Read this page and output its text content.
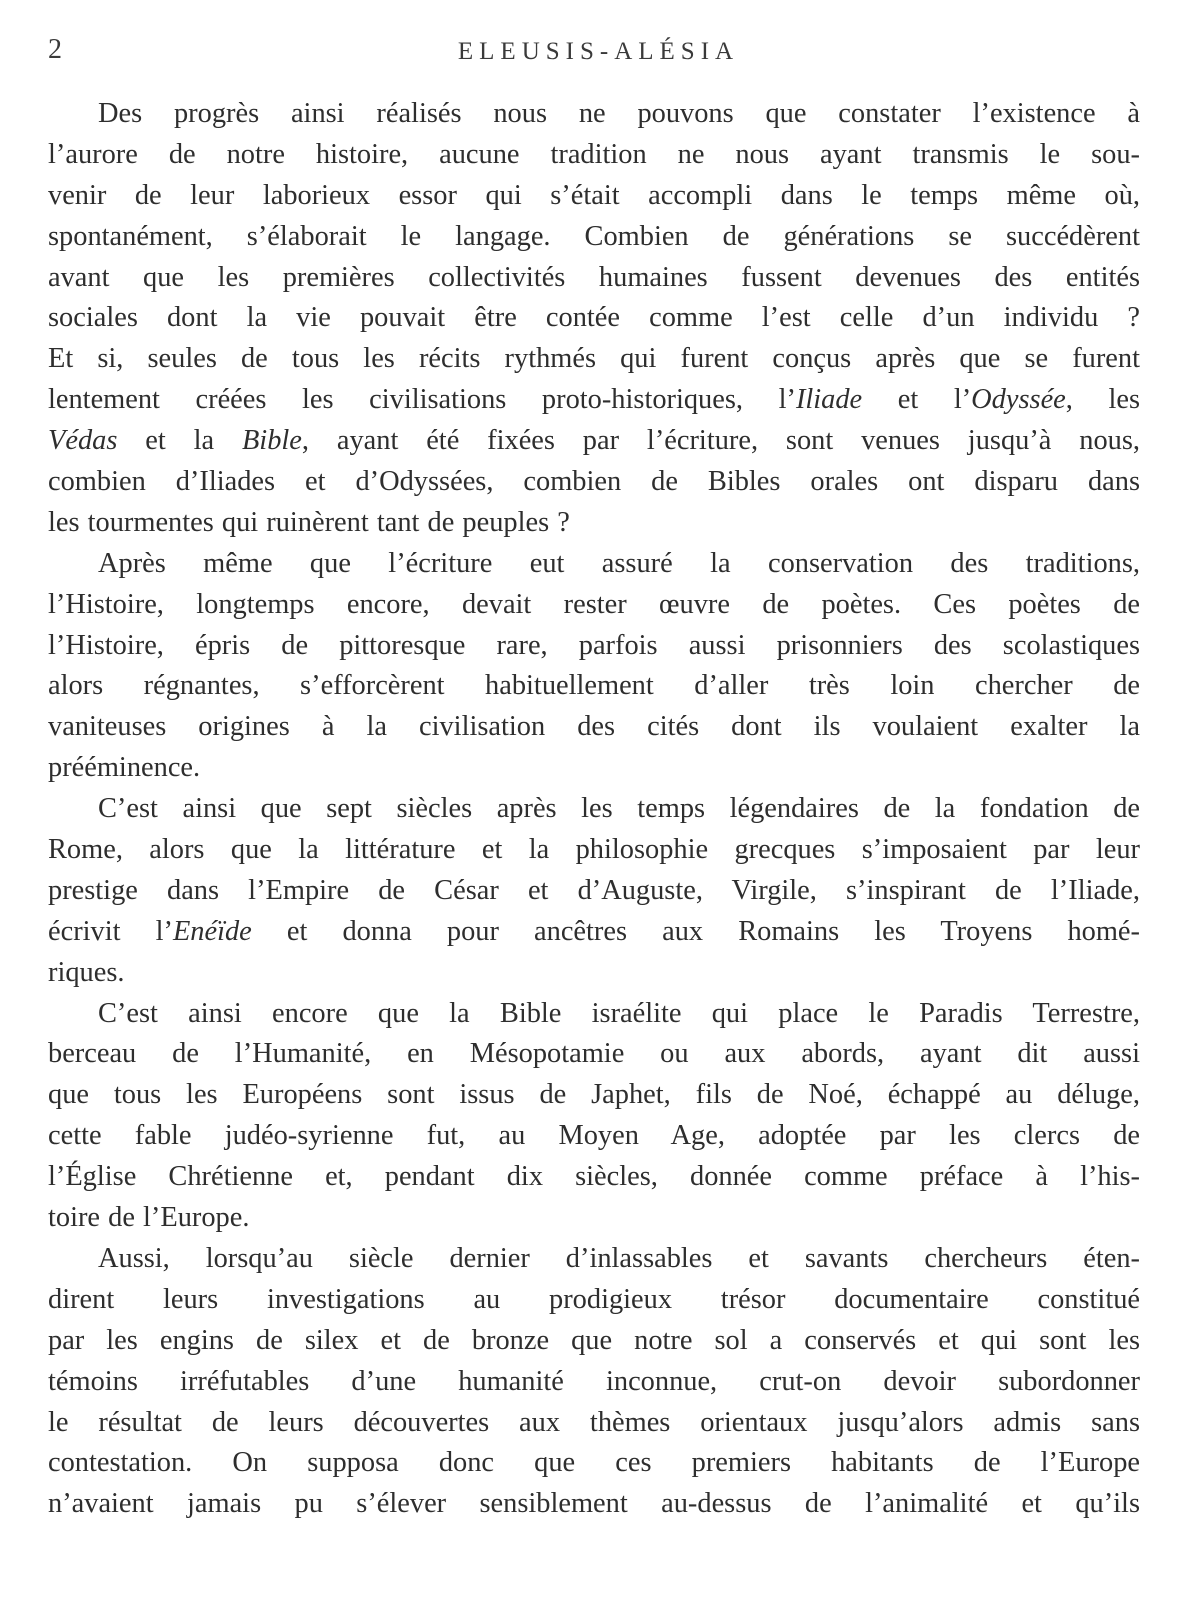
2	ELEUSIS-ALÉSIA
Des progrès ainsi réalisés nous ne pouvons que constater l’existence à
l’aurore de notre histoire, aucune tradition ne nous ayant transmis le sou-
venir de leur laborieux essor qui s’était accompli dans le temps même où,
spontanément, s’élaborait le langage. Combien de générations se succédèrent
avant que les premières collectivités humaines fussent devenues des entités
sociales dont la vie pouvait être contée comme l’est celle d’un individu ?
Et si, seules de tous les récits rythmés qui furent conçus après que se furent
lentement créées les civilisations proto-historiques, l’Iliade et l’Odyssée, les
Védas et la Bible, ayant été fixées par l’écriture, sont venues jusqu’à nous,
combien d’Iliades et d’Odyssées, combien de Bibles orales ont disparu dans
les tourmentes qui ruinèrent tant de peuples ?
Après même que l’écriture eut assuré la conservation des traditions,
l’Histoire, longtemps encore, devait rester œuvre de poètes. Ces poètes de
l’Histoire, épris de pittoresque rare, parfois aussi prisonniers des scolastiques
alors régnantes, s’efforcèrent habituellement d’aller très loin chercher de
vaniteuses origines à la civilisation des cités dont ils voulaient exalter la
prééminence.
C’est ainsi que sept siècles après les temps légendaires de la fondation de
Rome, alors que la littérature et la philosophie grecques s’imposaient par leur
prestige dans l’Empire de César et d’Auguste, Virgile, s’inspirant de l’Iliade,
écrivit l’Enéïde et donna pour ancêtres aux Romains les Troyens homé-
riques.
C’est ainsi encore que la Bible israélite qui place le Paradis Terrestre,
berceau de l’Humanité, en Mésopotamie ou aux abords, ayant dit aussi
que tous les Européens sont issus de Japhet, fils de Noé, échappé au déluge,
cette fable judéo-syrienne fut, au Moyen Age, adoptée par les clercs de
l’Église Chrétienne et, pendant dix siècles, donnée comme préface à l’his-
toire de l’Europe.
Aussi, lorsqu’au siècle dernier d’inlassables et savants chercheurs éten-
dirent leurs investigations au prodigieux trésor documentaire constitué
par les engins de silex et de bronze que notre sol a conservés et qui sont les
témoins irréfutables d’une humanité inconnue, crut-on devoir subordonner
le résultat de leurs découvertes aux thèmes orientaux jusqu’alors admis sans
contestation. On supposa donc que ces premiers habitants de l’Europe
n’avaient jamais pu s’élever sensiblement au-dessus de l’animalité et qu’ils
